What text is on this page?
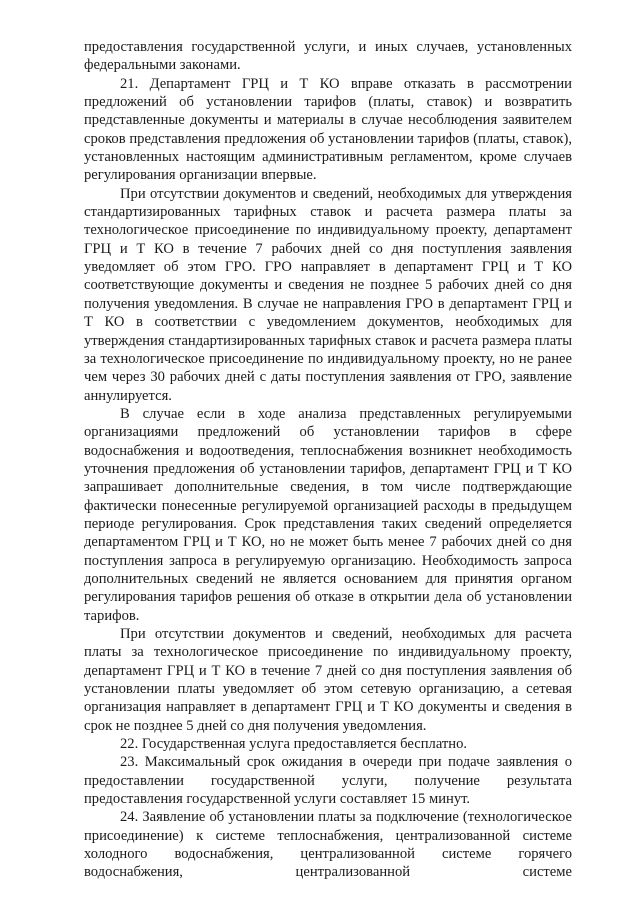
предоставления государственной услуги, и иных случаев, установленных федеральными законами.

21. Департамент ГРЦ и Т КО вправе отказать в рассмотрении предложений об установлении тарифов (платы, ставок) и возвратить представленные документы и материалы в случае несоблюдения заявителем сроков представления предложения об установлении тарифов (платы, ставок), установленных настоящим административным регламентом, кроме случаев регулирования организации впервые.

При отсутствии документов и сведений, необходимых для утверждения стандартизированных тарифных ставок и расчета размера платы за технологическое присоединение по индивидуальному проекту, департамент ГРЦ и Т КО в течение 7 рабочих дней со дня поступления заявления уведомляет об этом ГРО. ГРО направляет в департамент ГРЦ и Т КО соответствующие документы и сведения не позднее 5 рабочих дней со дня получения уведомления. В случае не направления ГРО в департамент ГРЦ и Т КО в соответствии с уведомлением документов, необходимых для утверждения стандартизированных тарифных ставок и расчета размера платы за технологическое присоединение по индивидуальному проекту, но не ранее чем через 30 рабочих дней с даты поступления заявления от ГРО, заявление аннулируется.

В случае если в ходе анализа представленных регулируемыми организациями предложений об установлении тарифов в сфере водоснабжения и водоотведения, теплоснабжения возникнет необходимость уточнения предложения об установлении тарифов, департамент ГРЦ и Т КО запрашивает дополнительные сведения, в том числе подтверждающие фактически понесенные регулируемой организацией расходы в предыдущем периоде регулирования. Срок представления таких сведений определяется департаментом ГРЦ и Т КО, но не может быть менее 7 рабочих дней со дня поступления запроса в регулируемую организацию. Необходимость запроса дополнительных сведений не является основанием для принятия органом регулирования тарифов решения об отказе в открытии дела об установлении тарифов.

При отсутствии документов и сведений, необходимых для расчета платы за технологическое присоединение по индивидуальному проекту, департамент ГРЦ и Т КО в течение 7 дней со дня поступления заявления об установлении платы уведомляет об этом сетевую организацию, а сетевая организация направляет в департамент ГРЦ и Т КО документы и сведения в срок не позднее 5 дней со дня получения уведомления.

22. Государственная услуга предоставляется бесплатно.

23. Максимальный срок ожидания в очереди при подаче заявления о предоставлении государственной услуги, получение результата предоставления государственной услуги составляет 15 минут.

24. Заявление об установлении платы за подключение (технологическое присоединение) к системе теплоснабжения, централизованной системе холодного водоснабжения, централизованной системе горячего водоснабжения, централизованной системе
